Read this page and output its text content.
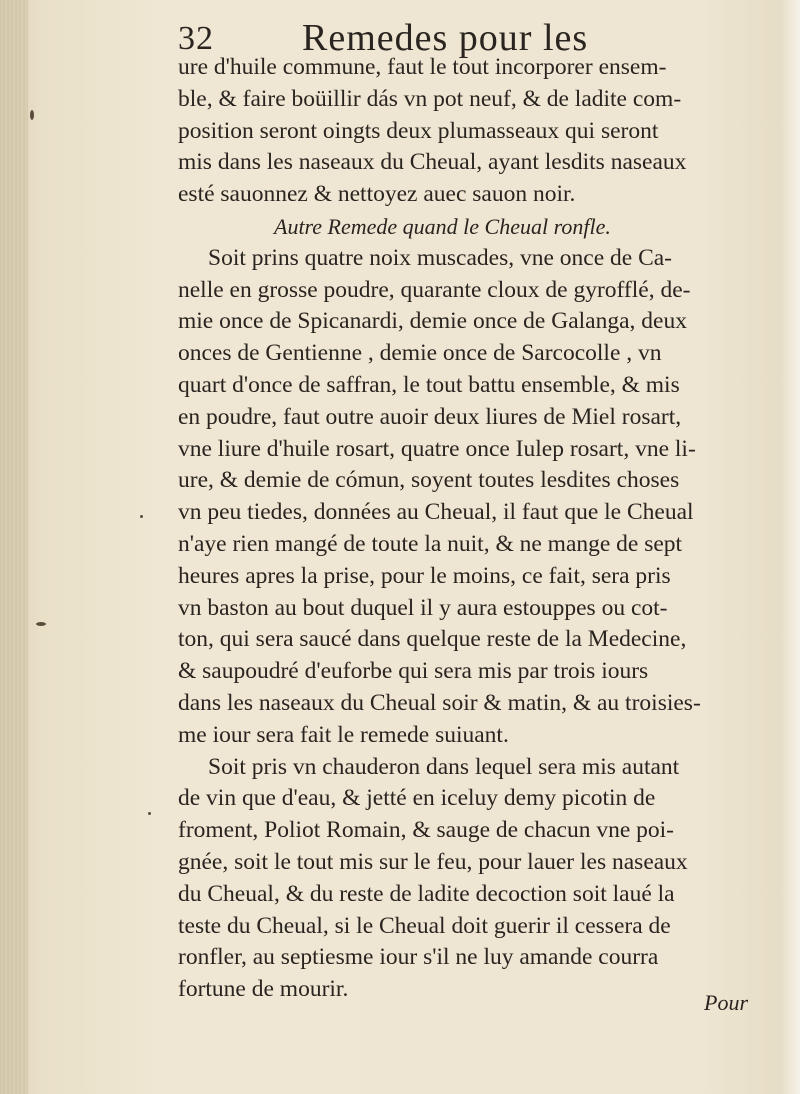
32 Remedes pour les
ure d'huile commune, faut le tout incorporer ensem-
ble, & faire boüillir dás vn pot neuf, & de ladite com-
position seront oingts deux plumasseaux qui seront
mis dans les naseaux du Cheual, ayant lesdits naseaux
esté sauonnez & nettoyez auec sauon noir.
Autre Remede quand le Cheual ronfle.
Soit prins quatre noix muscades, vne once de Ca-
nelle en grosse poudre, quarante cloux de gyrofflé, de-
mie once de Spicanardi, demie once de Galanga, deux
onces de Gentienne , demie once de Sarcocolle , vn
quart d'once de saffran, le tout battu ensemble, & mis
en poudre, faut outre auoir deux liures de Miel rosart,
vne liure d'huile rosart, quatre once Iulep rosart, vne li-
ure, & demie de cómun, soyent toutes lesdites choses
vn peu tiedes, données au Cheual, il faut que le Cheual
n'aye rien mangé de toute la nuit, & ne mange de sept
heures apres la prise, pour le moins, ce fait, sera pris
vn baston au bout duquel il y aura estouppes ou cot-
ton, qui sera saucé dans quelque reste de la Medecine,
& saupoudré d'euforbe qui sera mis par trois iours
dans les naseaux du Cheual soir & matin, & au troisies-
me iour sera fait le remede suiuant.
Soit pris vn chauderon dans lequel sera mis autant
de vin que d'eau, & jetté en iceluy demy picotin de
froment, Poliot Romain, & sauge de chacun vne poi-
gnée, soit le tout mis sur le feu, pour lauer les naseaux
du Cheual, & du reste de ladite decoction soit laué la
teste du Cheual, si le Cheual doit guerir il cessera de
ronfler, au septiesme iour s'il ne luy amande courra
fortune de mourir.
Pour
